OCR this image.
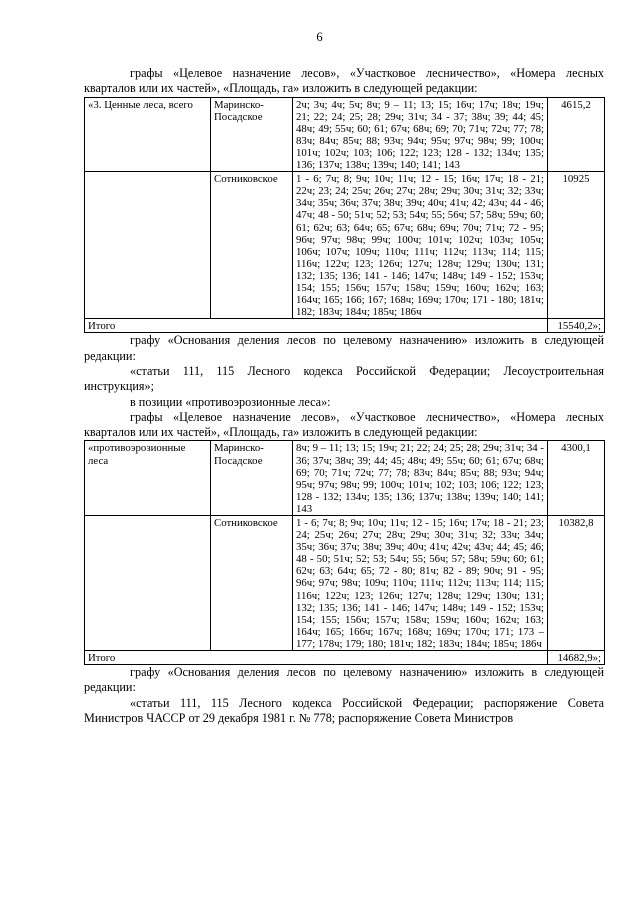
6

графы «Целевое назначение лесов», «Участковое лесничество», «Номера лесных кварталов или их частей», «Площадь, га» изложить в следующей редакции:

«3. Ценные леса, всего	Маринско-Посадское	2ч; 3ч; 4ч; 5ч; 8ч; 9 – 11; 13; 15; 16ч; 17ч; 18ч; 19ч; 21; 22; 24; 25; 28; 29ч; 31ч; 34 - 37; 38ч; 39; 44; 45; 48ч; 49; 55ч; 60; 61; 67ч; 68ч; 69; 70; 71ч; 72ч; 77; 78; 83ч; 84ч; 85ч; 88; 93ч; 94ч; 95ч; 97ч; 98ч; 99; 100ч; 101ч; 102ч; 103; 106; 122; 123; 128 - 132; 134ч; 135; 136; 137ч; 138ч; 139ч; 140; 141; 143	4615,2
	Сотниковское	1 - 6; 7ч; 8; 9ч; 10ч; 11ч; 12 - 15; 16ч; 17ч; 18 - 21; 22ч; 23; 24; 25ч; 26ч; 27ч; 28ч; 29ч; 30ч; 31ч; 32; 33ч; 34ч; 35ч; 36ч; 37ч; 38ч; 39ч; 40ч; 41ч; 42; 43ч; 44 - 46; 47ч; 48 - 50; 51ч; 52; 53; 54ч; 55; 56ч; 57; 58ч; 59ч; 60; 61; 62ч; 63; 64ч; 65; 67ч; 68ч; 69ч; 70ч; 71ч; 72 - 95; 96ч; 97ч; 98ч; 99ч; 100ч; 101ч; 102ч; 103ч; 105ч; 106ч; 107ч; 109ч; 110ч; 111ч; 112ч; 113ч; 114; 115; 116ч; 122ч; 123; 126ч; 127ч; 128ч; 129ч; 130ч; 131; 132; 135; 136; 141 - 146; 147ч; 148ч; 149 - 152; 153ч; 154; 155; 156ч; 157ч; 158ч; 159ч; 160ч; 162ч; 163; 164ч; 165; 166; 167; 168ч; 169ч; 170ч; 171 - 180; 181ч; 182; 183ч; 184ч; 185ч; 186ч	10925
Итого			15540,2»;

графу «Основания деления лесов по целевому назначению» изложить в следующей редакции:

«статьи 111, 115 Лесного кодекса Российской Федерации; Лесоустроительная инструкция»;

в позиции «противоэрозионные леса»:

графы «Целевое назначение лесов», «Участковое лесничество», «Номера лесных кварталов или их частей», «Площадь, га» изложить в следующей редакции:

«противоэрозионные леса	Маринско-Посадское	8ч; 9 – 11; 13; 15; 19ч; 21; 22; 24; 25; 28; 29ч; 31ч; 34 - 36; 37ч; 38ч; 39; 44; 45; 48ч; 49; 55ч; 60; 61; 67ч; 68ч; 69; 70; 71ч; 72ч; 77; 78; 83ч; 84ч; 85ч; 88; 93ч; 94ч; 95ч; 97ч; 98ч; 99; 100ч; 101ч; 102; 103; 106; 122; 123; 128 - 132; 134ч; 135; 136; 137ч; 138ч; 139ч; 140; 141; 143	4300,1
	Сотниковское	1 - 6; 7ч; 8; 9ч; 10ч; 11ч; 12 - 15; 16ч; 17ч; 18 - 21; 23; 24; 25ч; 26ч; 27ч; 28ч; 29ч; 30ч; 31ч; 32; 33ч; 34ч; 35ч; 36ч; 37ч; 38ч; 39ч; 40ч; 41ч; 42ч; 43ч; 44; 45; 46; 48 - 50; 51ч; 52; 53; 54ч; 55; 56ч; 57; 58ч; 59ч; 60; 61; 62ч; 63; 64ч; 65; 72 - 80; 81ч; 82 - 89; 90ч; 91 - 95; 96ч; 97ч; 98ч; 109ч; 110ч; 111ч; 112ч; 113ч; 114; 115; 116ч; 122ч; 123; 126ч; 127ч; 128ч; 129ч; 130ч; 131; 132; 135; 136; 141 - 146; 147ч; 148ч; 149 - 152; 153ч; 154; 155; 156ч; 157ч; 158ч; 159ч; 160ч; 162ч; 163; 164ч; 165; 166ч; 167ч; 168ч; 169ч; 170ч; 171; 173 – 177; 178ч; 179; 180; 181ч; 182; 183ч; 184ч; 185ч; 186ч	10382,8
Итого			14682,9»;

графу «Основания деления лесов по целевому назначению» изложить в следующей редакции:

«статьи 111, 115 Лесного кодекса Российской Федерации; распоряжение Совета Министров ЧАССР от 29 декабря 1981 г. № 778; распоряжение Совета Министров
